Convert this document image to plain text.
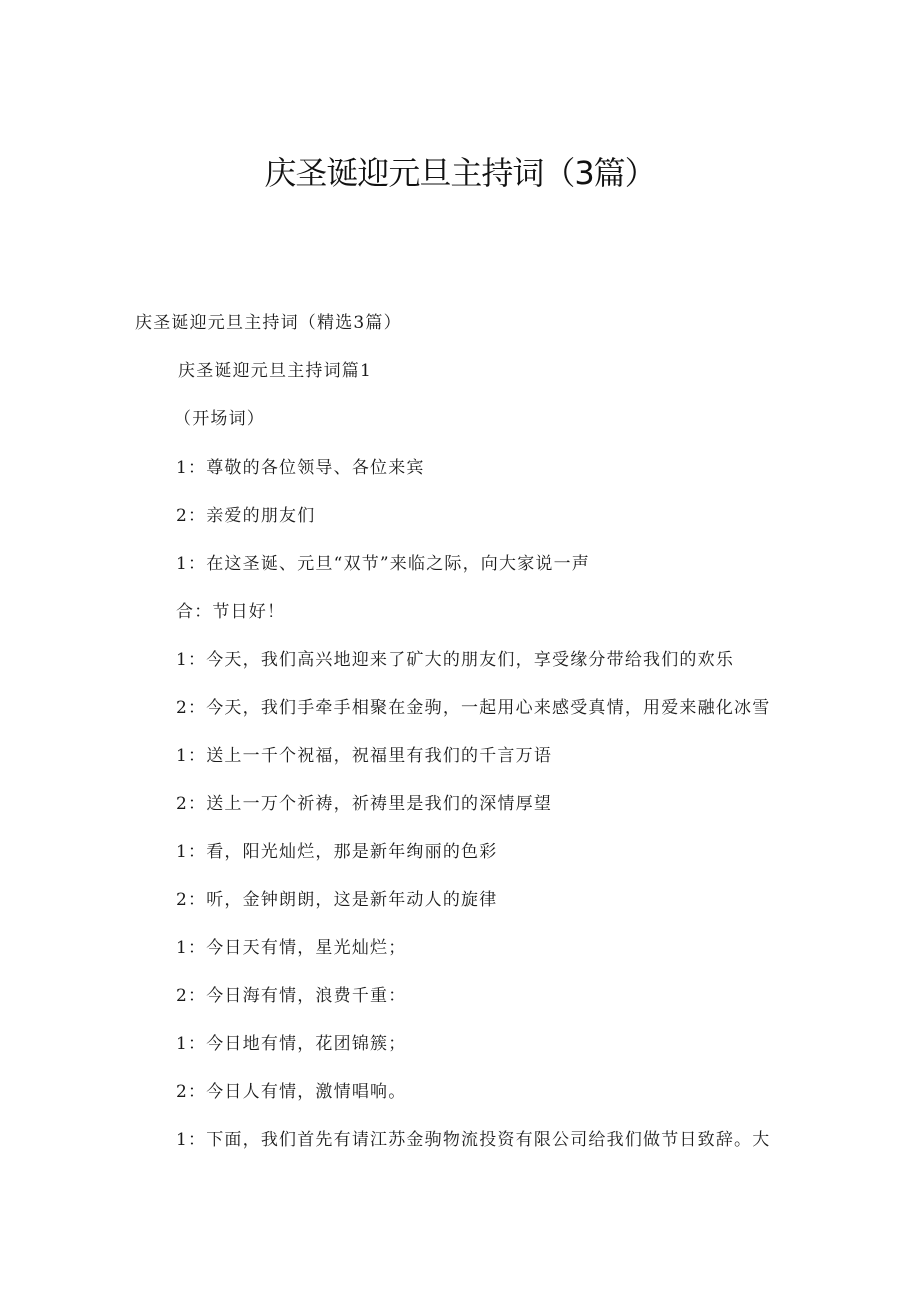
庆圣诞迎元旦主持词（3篇）

庆圣诞迎元旦主持词（精选3篇）

庆圣诞迎元旦主持词篇1

（开场词）

1：尊敬的各位领导、各位来宾

2：亲爱的朋友们

1：在这圣诞、元旦“双节”来临之际，向大家说一声

合：节日好！

1：今天，我们高兴地迎来了矿大的朋友们，享受缘分带给我们的欢乐

2：今天，我们手牵手相聚在金驹，一起用心来感受真情，用爱来融化冰雪

1：送上一千个祝福，祝福里有我们的千言万语

2：送上一万个祈祷，祈祷里是我们的深情厚望

1：看，阳光灿烂，那是新年绚丽的色彩

2：听，金钟朗朗，这是新年动人的旋律

1：今日天有情，星光灿烂；

2：今日海有情，浪费千重：

1：今日地有情，花团锦簇；

2：今日人有情，激情唱响。

1：下面，我们首先有请江苏金驹物流投资有限公司给我们做节日致辞。大
